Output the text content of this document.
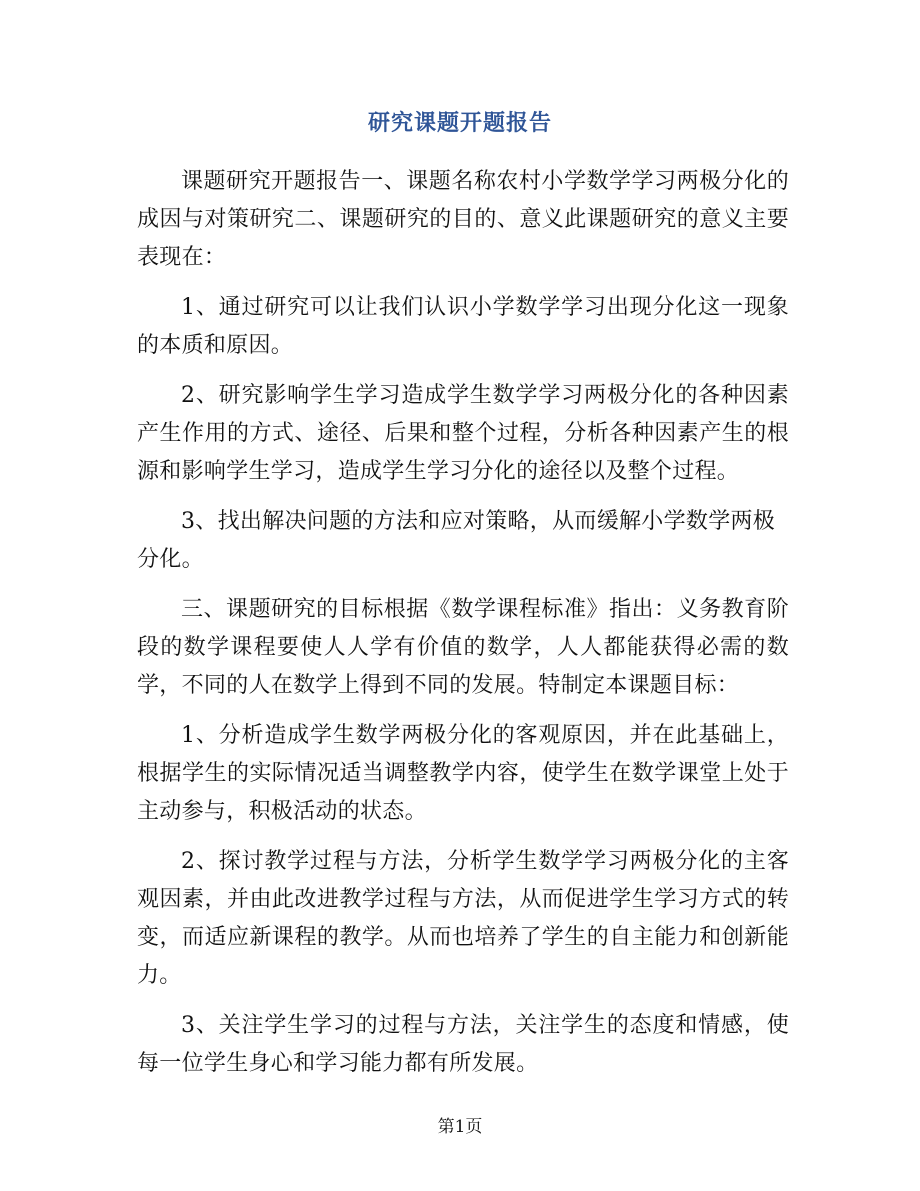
研究课题开题报告

课题研究开题报告一、课题名称农村小学数学学习两极分化的成因与对策研究二、课题研究的目的、意义此课题研究的意义主要表现在：

1、通过研究可以让我们认识小学数学学习出现分化这一现象的本质和原因。

2、研究影响学生学习造成学生数学学习两极分化的各种因素产生作用的方式、途径、后果和整个过程，分析各种因素产生的根源和影响学生学习，造成学生学习分化的途径以及整个过程。

3、找出解决问题的方法和应对策略，从而缓解小学数学两极分化。

三、课题研究的目标根据《数学课程标准》指出：义务教育阶段的数学课程要使人人学有价值的数学，人人都能获得必需的数学，不同的人在数学上得到不同的发展。特制定本课题目标：

1、分析造成学生数学两极分化的客观原因，并在此基础上，根据学生的实际情况适当调整教学内容，使学生在数学课堂上处于主动参与，积极活动的状态。

2、探讨教学过程与方法，分析学生数学学习两极分化的主客观因素，并由此改进教学过程与方法，从而促进学生学习方式的转变，而适应新课程的教学。从而也培养了学生的自主能力和创新能力。

3、关注学生学习的过程与方法，关注学生的态度和情感，使每一位学生身心和学习能力都有所发展。

第1页
